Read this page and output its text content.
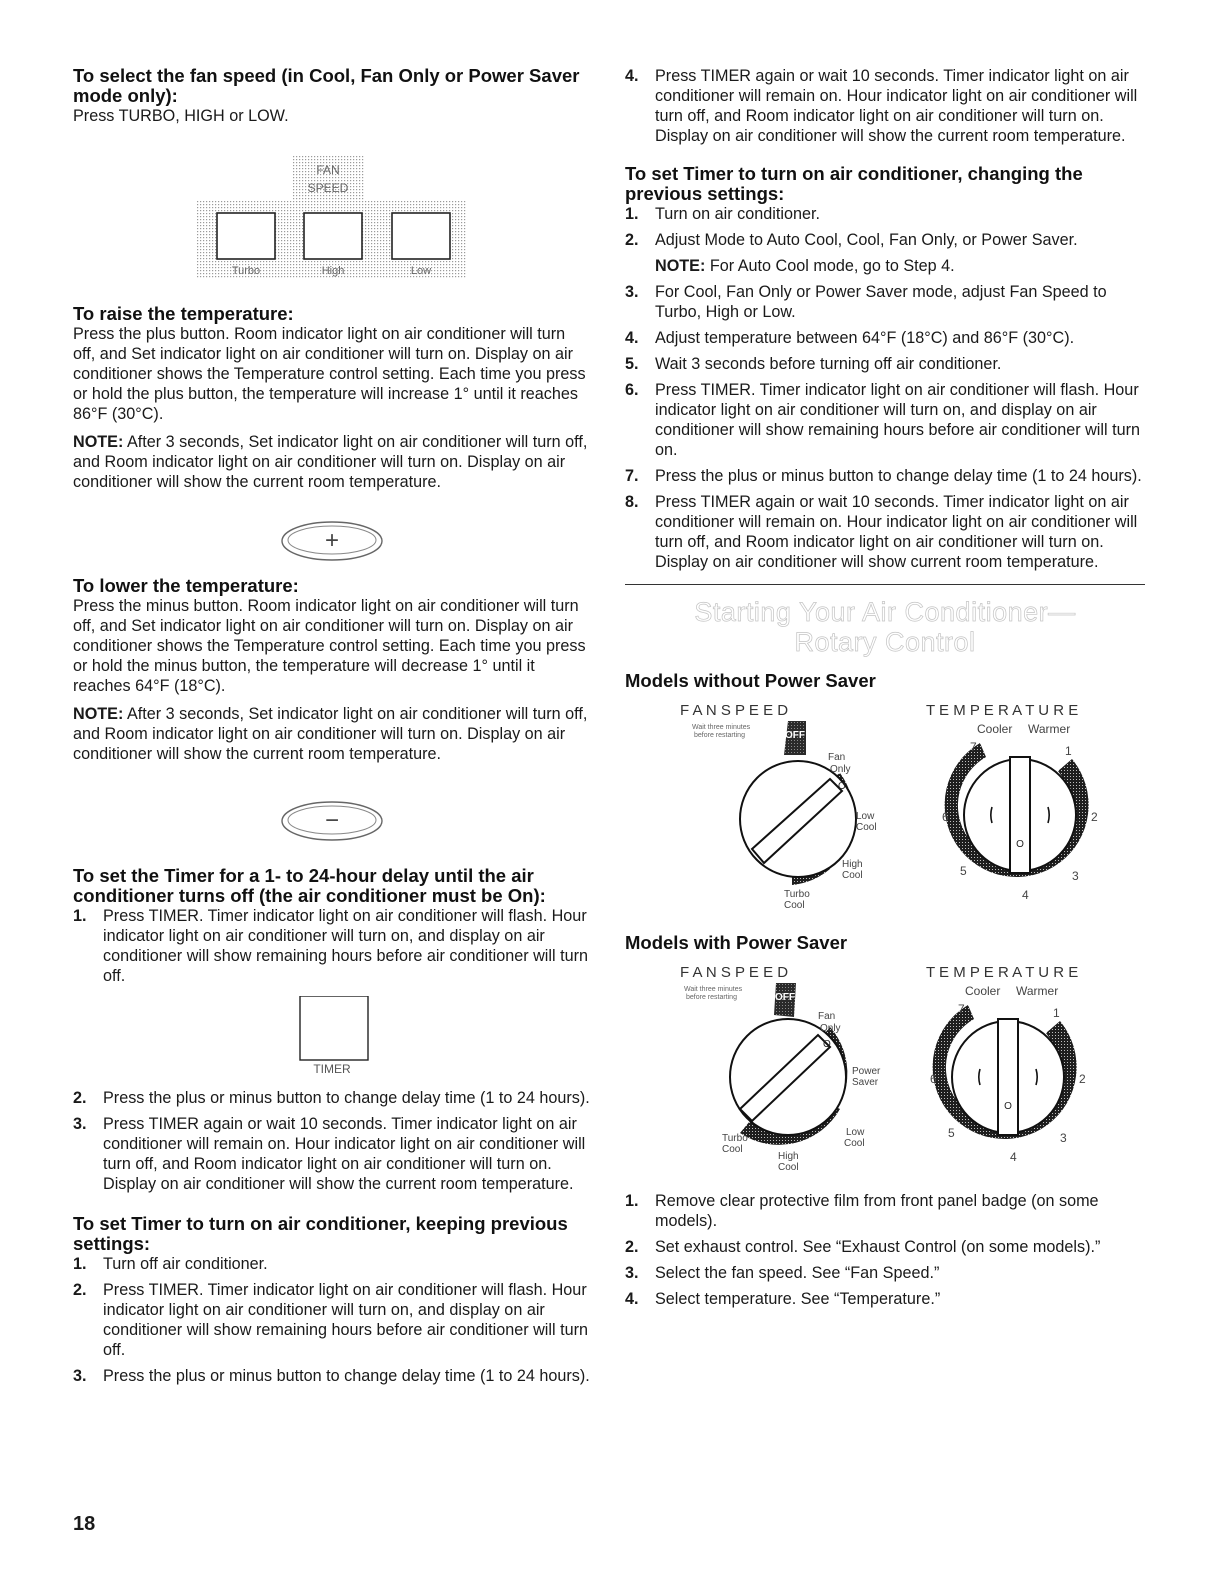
To select the fan speed (in Cool, Fan Only or Power Saver mode only):

Press TURBO, HIGH or LOW.

FAN
SPEED
Turbo	High	Low
To raise the temperature:

Press the plus button. Room indicator light on air conditioner will turn off, and Set indicator light on air conditioner will turn on. Display on air conditioner shows the Temperature control setting. Each time you press or hold the plus button, the temperature will increase 1° until it reaches 86°F (30°C).

NOTE: After 3 seconds, Set indicator light on air conditioner will turn off, and Room indicator light on air conditioner will turn on. Display on air conditioner will show the current room temperature.

+
To lower the temperature:

Press the minus button. Room indicator light on air conditioner will turn off, and Set indicator light on air conditioner will turn on. Display on air conditioner shows the Temperature control setting. Each time you press or hold the minus button, the temperature will decrease 1° until it reaches 64°F (18°C).

NOTE: After 3 seconds, Set indicator light on air conditioner will turn off, and Room indicator light on air conditioner will turn on. Display on air conditioner will show the current room temperature.

−
To set the Timer for a 1- to 24-hour delay until the air conditioner turns off (the air conditioner must be On):
1. Press TIMER. Timer indicator light on air conditioner will flash. Hour indicator light on air conditioner will turn on, and display on air conditioner will show remaining hours before air conditioner will turn off.
TIMER
2. Press the plus or minus button to change delay time (1 to 24 hours).
3. Press TIMER again or wait 10 seconds. Timer indicator light on air conditioner will remain on. Hour indicator light on air conditioner will turn off, and Room indicator light on air conditioner will turn on. Display on air conditioner will show the current room temperature.
To set Timer to turn on air conditioner, keeping previous settings:
1. Turn off air conditioner.
2. Press TIMER. Timer indicator light on air conditioner will flash. Hour indicator light on air conditioner will turn on, and display on air conditioner will show remaining hours before air conditioner will turn off.
3. Press the plus or minus button to change delay time (1 to 24 hours).
4. Press TIMER again or wait 10 seconds. Timer indicator light on air conditioner will remain on. Hour indicator light on air conditioner will turn off, and Room indicator light on air conditioner will turn on. Display on air conditioner will show the current room temperature.
To set Timer to turn on air conditioner, changing the previous settings:
1. Turn on air conditioner.
2. Adjust Mode to Auto Cool, Cool, Fan Only, or Power Saver.
NOTE: For Auto Cool mode, go to Step 4.
3. For Cool, Fan Only or Power Saver mode, adjust Fan Speed to Turbo, High or Low.
4. Adjust temperature between 64°F (18°C) and 86°F (30°C).
5. Wait 3 seconds before turning off air conditioner.
6. Press TIMER. Timer indicator light on air conditioner will flash. Hour indicator light on air conditioner will turn on, and display on air conditioner will show remaining hours before air conditioner will turn on.
7. Press the plus or minus button to change delay time (1 to 24 hours).
8. Press TIMER again or wait 10 seconds. Timer indicator light on air conditioner will remain on. Hour indicator light on air conditioner will turn off, and Room indicator light on air conditioner will turn on. Display on air conditioner will show current room temperature.
Starting Your Air Conditioner—
Rotary Control
Models without Power Saver
F A N S P E E D	T E M P E R A T U R E
Wait three minutes
before restarting	OFF
O
Fan
Only
Low
Cool
High
Cool
Turbo
Cool
O
Cooler Warmer
7	1
6	2
5	3
4
Models with Power Saver
F A N S P E E D	T E M P E R A T U R E
Wait three minutes
before restarting	OFF
O
Fan
Only
Power
Saver
Low
Cool
Turbo
Cool
High
Cool
O
Cooler Warmer
7	1
6	2
5	3
4
1. Remove clear protective film from front panel badge (on some models).
2. Set exhaust control. See “Exhaust Control (on some models).”
3. Select the fan speed. See “Fan Speed.”
4. Select temperature. See “Temperature.”
18
